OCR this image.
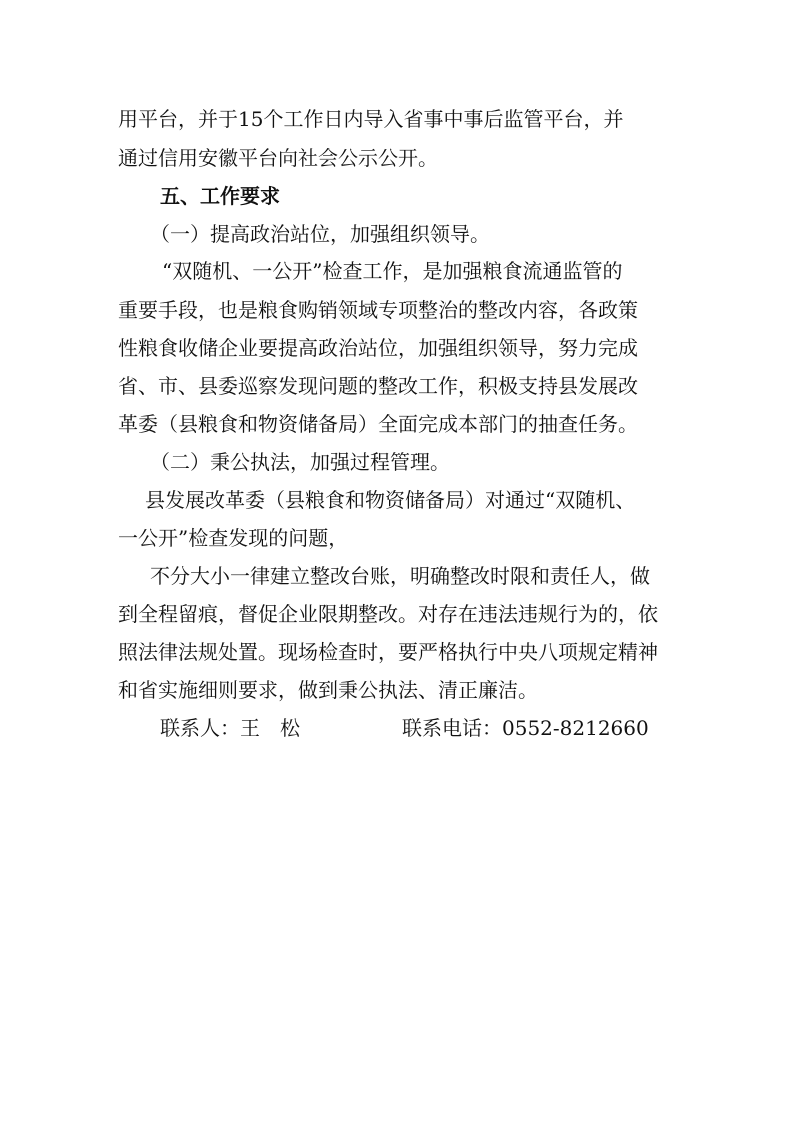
用平台，并于15个工作日内导入省事中事后监管平台，并
通过信用安徽平台向社会公示公开。
五、工作要求
（一）提高政治站位，加强组织领导。
“双随机、一公开”检查工作，是加强粮食流通监管的
重要手段，也是粮食购销领域专项整治的整改内容，各政策
性粮食收储企业要提高政治站位，加强组织领导，努力完成
省、市、县委巡察发现问题的整改工作，积极支持县发展改
革委（县粮食和物资储备局）全面完成本部门的抽查任务。
（二）秉公执法，加强过程管理。
县发展改革委（县粮食和物资储备局）对通过“双随机、
一公开”检查发现的问题，
不分大小一律建立整改台账，明确整改时限和责任人，做
到全程留痕，督促企业限期整改。对存在违法违规行为的，依
照法律法规处置。现场检查时，要严格执行中央八项规定精神
和省实施细则要求，做到秉公执法、清正廉洁。
联系人：王　松	联系电话：0552-8212660
